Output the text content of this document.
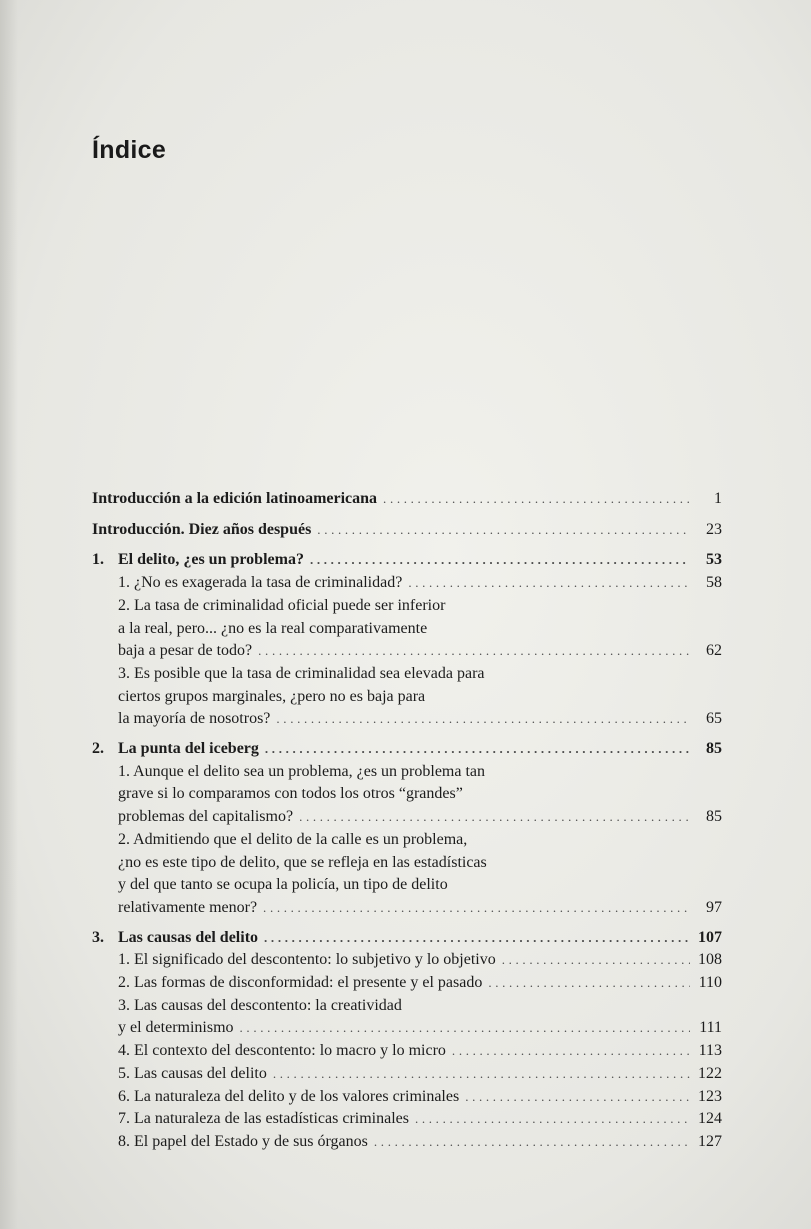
Índice
Introducción a la edición latinoamericana . . .	1
Introducción. Diez años después . . .	23
1. El delito, ¿es un problema? . . .	53
1. ¿No es exagerada la tasa de criminalidad? . . .	58
2. La tasa de criminalidad oficial puede ser inferior
a la real, pero... ¿no es la real comparativamente
baja a pesar de todo? . . .	62
3. Es posible que la tasa de criminalidad sea elevada para
ciertos grupos marginales, ¿pero no es baja para
la mayoría de nosotros? . . .	65
2. La punta del iceberg . . .	85
1. Aunque el delito sea un problema, ¿es un problema tan
grave si lo comparamos con todos los otros “grandes”
problemas del capitalismo? . . .	85
2. Admitiendo que el delito de la calle es un problema,
¿no es este tipo de delito, que se refleja en las estadísticas
y del que tanto se ocupa la policía, un tipo de delito
relativamente menor? . . .	97
3. Las causas del delito . . .	107
1. El significado del descontento: lo subjetivo y lo objetivo . . .	108
2. Las formas de disconformidad: el presente y el pasado . . .	110
3. Las causas del descontento: la creatividad
y el determinismo . . .	111
4. El contexto del descontento: lo macro y lo micro . . .	113
5. Las causas del delito . . .	122
6. La naturaleza del delito y de los valores criminales . . .	123
7. La naturaleza de las estadísticas criminales . . .	124
8. El papel del Estado y de sus órganos . . .	127
